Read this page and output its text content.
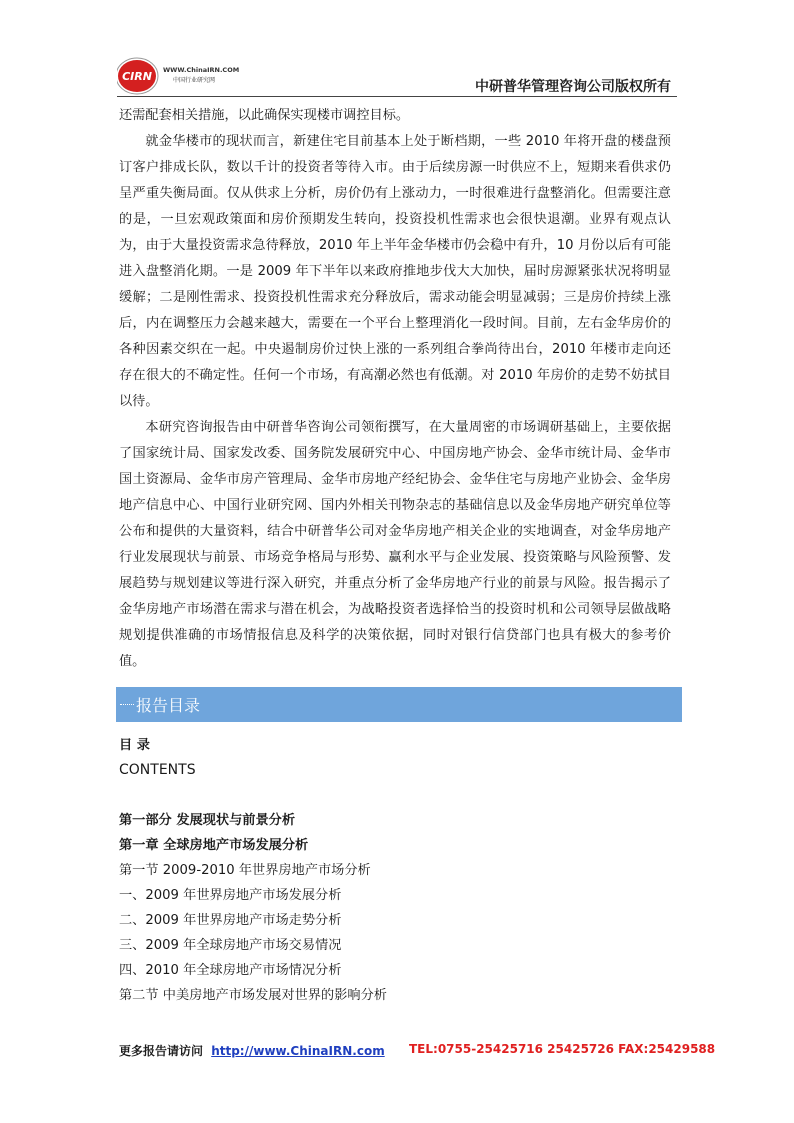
CIRN WWW.ChinaIRN.COM
中国行业研究网	中研普华管理咨询公司版权所有

还需配套相关措施，以此确保实现楼市调控目标。

就金华楼市的现状而言，新建住宅目前基本上处于断档期，一些 2010 年将开盘的楼盘预订客户排成长队，数以千计的投资者等待入市。由于后续房源一时供应不上，短期来看供求仍呈严重失衡局面。仅从供求上分析，房价仍有上涨动力，一时很难进行盘整消化。但需要注意的是，一旦宏观政策面和房价预期发生转向，投资投机性需求也会很快退潮。业界有观点认为，由于大量投资需求急待释放，2010 年上半年金华楼市仍会稳中有升，10 月份以后有可能进入盘整消化期。一是 2009 年下半年以来政府推地步伐大大加快，届时房源紧张状况将明显缓解；二是刚性需求、投资投机性需求充分释放后，需求动能会明显减弱；三是房价持续上涨后，内在调整压力会越来越大，需要在一个平台上整理消化一段时间。目前，左右金华房价的各种因素交织在一起。中央遏制房价过快上涨的一系列组合拳尚待出台，2010 年楼市走向还存在很大的不确定性。任何一个市场，有高潮必然也有低潮。对 2010 年房价的走势不妨拭目以待。

本研究咨询报告由中研普华咨询公司领衔撰写，在大量周密的市场调研基础上，主要依据了国家统计局、国家发改委、国务院发展研究中心、中国房地产协会、金华市统计局、金华市国土资源局、金华市房产管理局、金华市房地产经纪协会、金华住宅与房地产业协会、金华房地产信息中心、中国行业研究网、国内外相关刊物杂志的基础信息以及金华房地产研究单位等公布和提供的大量资料，结合中研普华公司对金华房地产相关企业的实地调查，对金华房地产行业发展现状与前景、市场竞争格局与形势、赢利水平与企业发展、投资策略与风险预警、发展趋势与规划建议等进行深入研究，并重点分析了金华房地产行业的前景与风险。报告揭示了金华房地产市场潜在需求与潜在机会，为战略投资者选择恰当的投资时机和公司领导层做战略规划提供准确的市场情报信息及科学的决策依据，同时对银行信贷部门也具有极大的参考价值。

报告目录
目 录
CONTENTS
第一部分 发展现状与前景分析
第一章 全球房地产市场发展分析
第一节 2009-2010 年世界房地产市场分析
一、2009 年世界房地产市场发展分析
二、2009 年世界房地产市场走势分析
三、2009 年全球房地产市场交易情况
四、2010 年全球房地产市场情况分析
第二节 中美房地产市场发展对世界的影响分析
更多报告请访问 http://www.ChinaIRN.com TEL:0755-25425716 25425726 FAX:25429588
